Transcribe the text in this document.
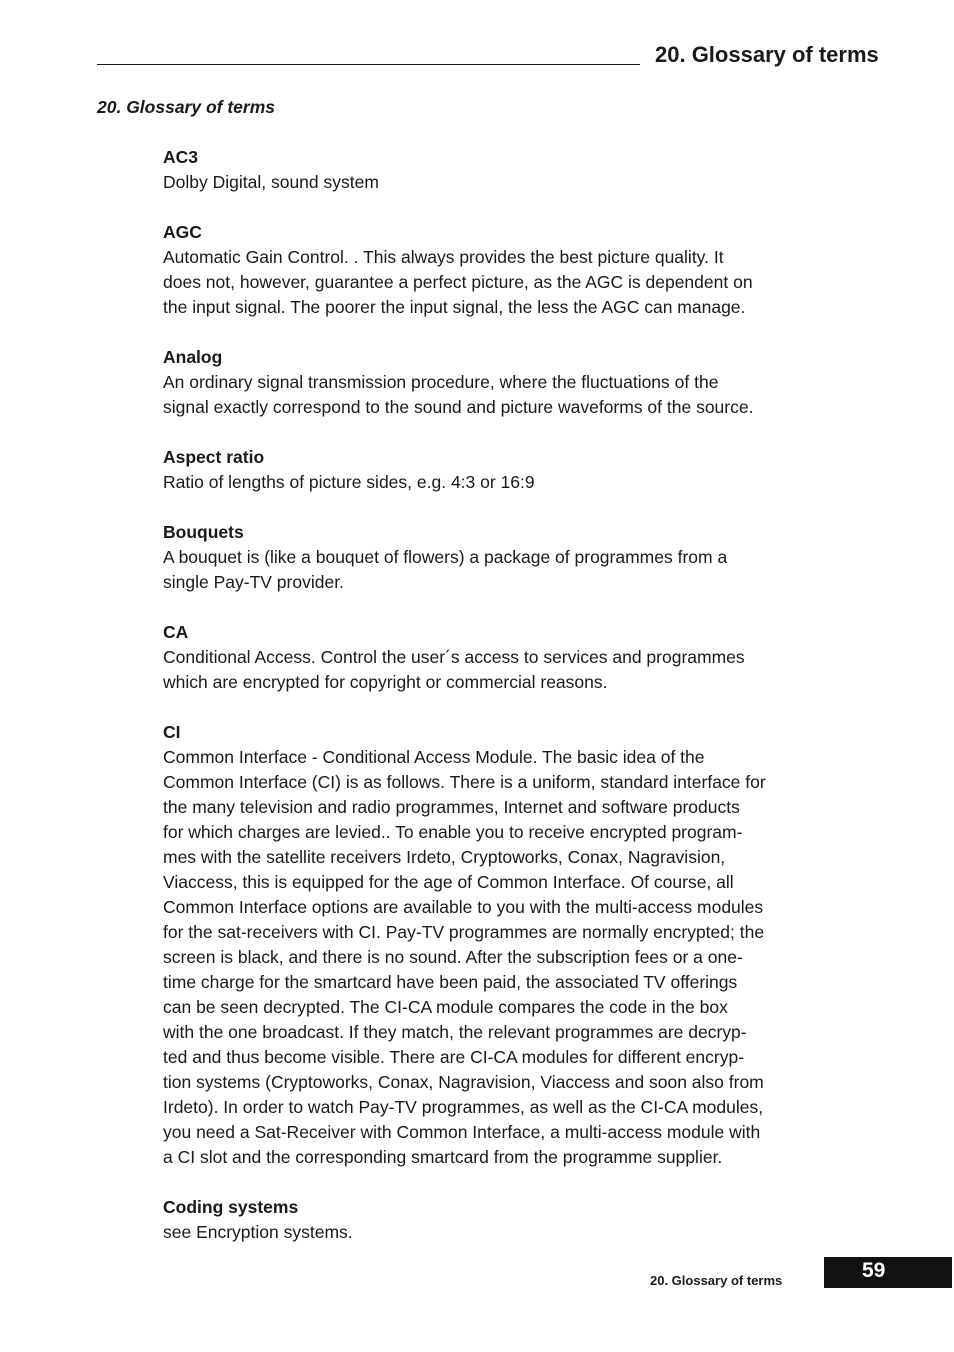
20. Glossary of terms
20. Glossary of terms
AC3
Dolby Digital, sound system
AGC
Automatic Gain Control. . This always provides the best picture quality. It
does not, however, guarantee a perfect picture, as the AGC is dependent on
the input signal. The poorer the input signal, the less the AGC can manage.
Analog
An ordinary signal transmission procedure, where the fluctuations of the
signal exactly correspond to the sound and picture waveforms of the source.
Aspect ratio
Ratio of lengths of picture sides, e.g. 4:3 or 16:9
Bouquets
A bouquet is (like a bouquet of flowers) a package of programmes from a
single Pay-TV provider.
CA
Conditional Access. Control the user´s access to services and programmes
which are encrypted for copyright or commercial reasons.
CI
Common Interface - Conditional Access Module. The basic idea of the
Common Interface (CI) is as follows. There is a uniform, standard interface for
the many television and radio programmes, Internet and software products
for which charges are levied.. To enable you to receive encrypted program-
mes with the satellite receivers Irdeto, Cryptoworks, Conax, Nagravision,
Viaccess, this is equipped for the age of Common Interface. Of course, all
Common Interface options are available to you with the multi-access modules
for the sat-receivers with CI. Pay-TV programmes are normally encrypted; the
screen is black, and there is no sound. After the subscription fees or a one-
time charge for the smartcard have been paid, the associated TV offerings
can be seen decrypted. The CI-CA module compares the code in the box
with the one broadcast. If they match, the relevant programmes are decryp-
ted and thus become visible. There are CI-CA modules for different encryp-
tion systems (Cryptoworks, Conax, Nagravision, Viaccess and soon also from
Irdeto). In order to watch Pay-TV programmes, as well as the CI-CA modules,
you need a Sat-Receiver with Common Interface, a multi-access module with
a CI slot and the corresponding smartcard from the programme supplier.
Coding systems
see Encryption systems.
20. Glossary of terms	59
